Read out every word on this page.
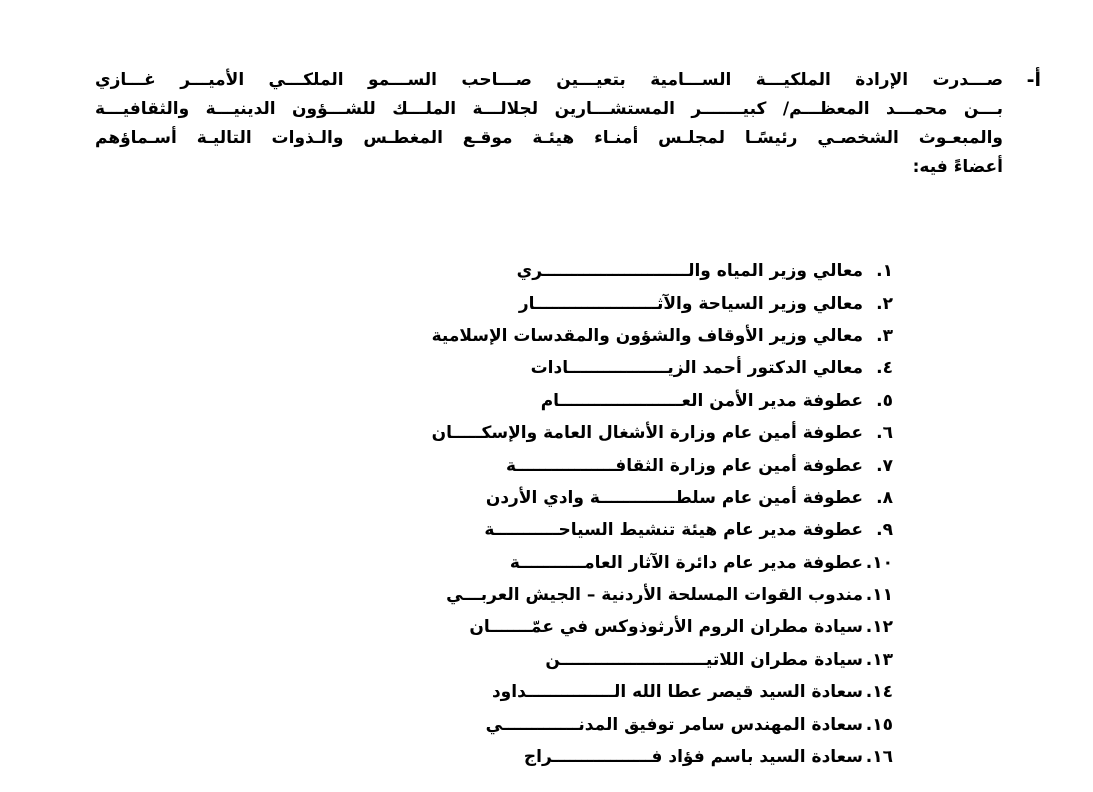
أ-
صـــدرت الإرادة الملكيـــة الســـامية بتعيـــين صـــاحب الســـمو الملكـــي الأميـــر غـــازي
بـــن محمـــد المعظـــم/ كبيـــــــر المستشـــارين لجلالـــة الملـــك للشـــؤون الدينيـــة والثقافيـــة
والمبعـوث الشخصـي رئيسًـا لمجلـس أمنـاء هيئـة موقـع المغطـس والـذوات التاليـة أسـماؤهم
أعضاءً فيه:
١.
معالي وزير المياه والـــــــــــــــــــــــــري
٢.
معالي وزير السياحة والآثـــــــــــــــــــــار
٣.
معالي وزير الأوقاف والشؤون والمقدسات الإسلامية
٤.
معالي الدكتور أحمد الزيـــــــــــــــــادات
٥.
عطوفة مدير الأمن العـــــــــــــــــــــام
٦.
عطوفة أمين عام وزارة الأشغال العامة والإسكـــــان
٧.
عطوفة أمين عام وزارة الثقافـــــــــــــــــة
٨.
عطوفة أمين عام سلطـــــــــــــة وادي الأردن
٩.
عطوفة مدير عام هيئة تنشيط السياحـــــــــــة
١٠.
عطوفة مدير عام دائرة الآثار العامـــــــــــة
١١.
مندوب القوات المسلحة الأردنية – الجيش العربـــي
١٢.
سيادة مطران الروم الأرثوذوكس في عمّـــــــان
١٣.
سيادة مطران اللاتيـــــــــــــــــــــــــن
١٤.
سعادة السيد قيصر عطا الله الـــــــــــــــداود
١٥.
سعادة المهندس سامر توفيق المدنـــــــــــــي
١٦.
سعادة السيد باسم فؤاد فـــــــــــــــــراج
